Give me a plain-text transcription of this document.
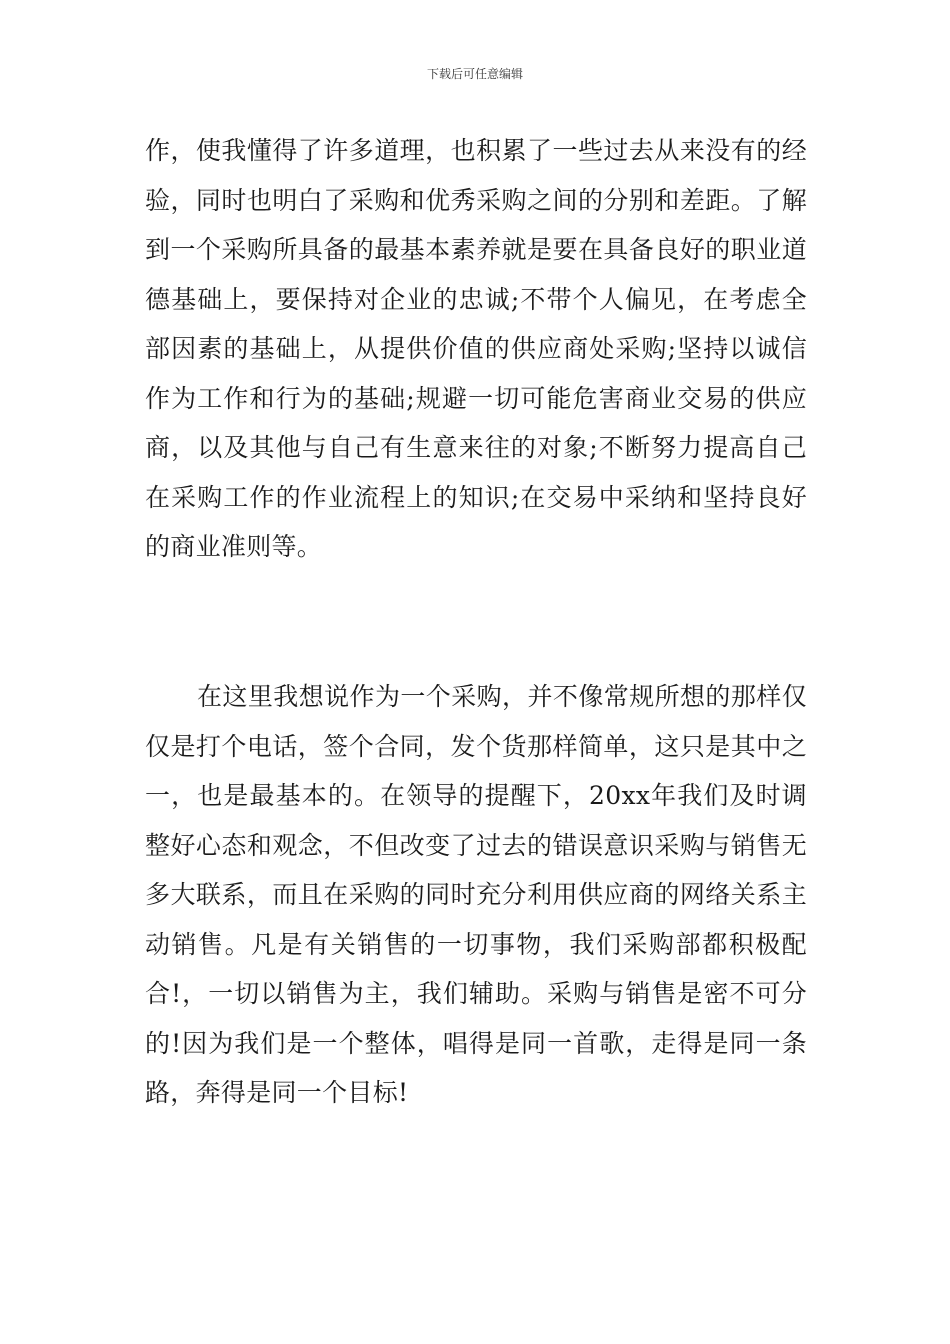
下载后可任意编辑

作，使我懂得了许多道理，也积累了一些过去从来没有的经验，同时也明白了采购和优秀采购之间的分别和差距。了解到一个采购所具备的最基本素养就是要在具备良好的职业道德基础上，要保持对企业的忠诚;不带个人偏见，在考虑全部因素的基础上，从提供价值的供应商处采购;坚持以诚信作为工作和行为的基础;规避一切可能危害商业交易的供应商，以及其他与自己有生意来往的对象;不断努力提高自己在采购工作的作业流程上的知识;在交易中采纳和坚持良好的商业准则等。

在这里我想说作为一个采购，并不像常规所想的那样仅仅是打个电话，签个合同，发个货那样简单，这只是其中之一，也是最基本的。在领导的提醒下，20xx年我们及时调整好心态和观念，不但改变了过去的错误意识采购与销售无多大联系，而且在采购的同时充分利用供应商的网络关系主动销售。凡是有关销售的一切事物，我们采购部都积极配合!，一切以销售为主，我们辅助。采购与销售是密不可分的!因为我们是一个整体，唱得是同一首歌，走得是同一条路，奔得是同一个目标!
